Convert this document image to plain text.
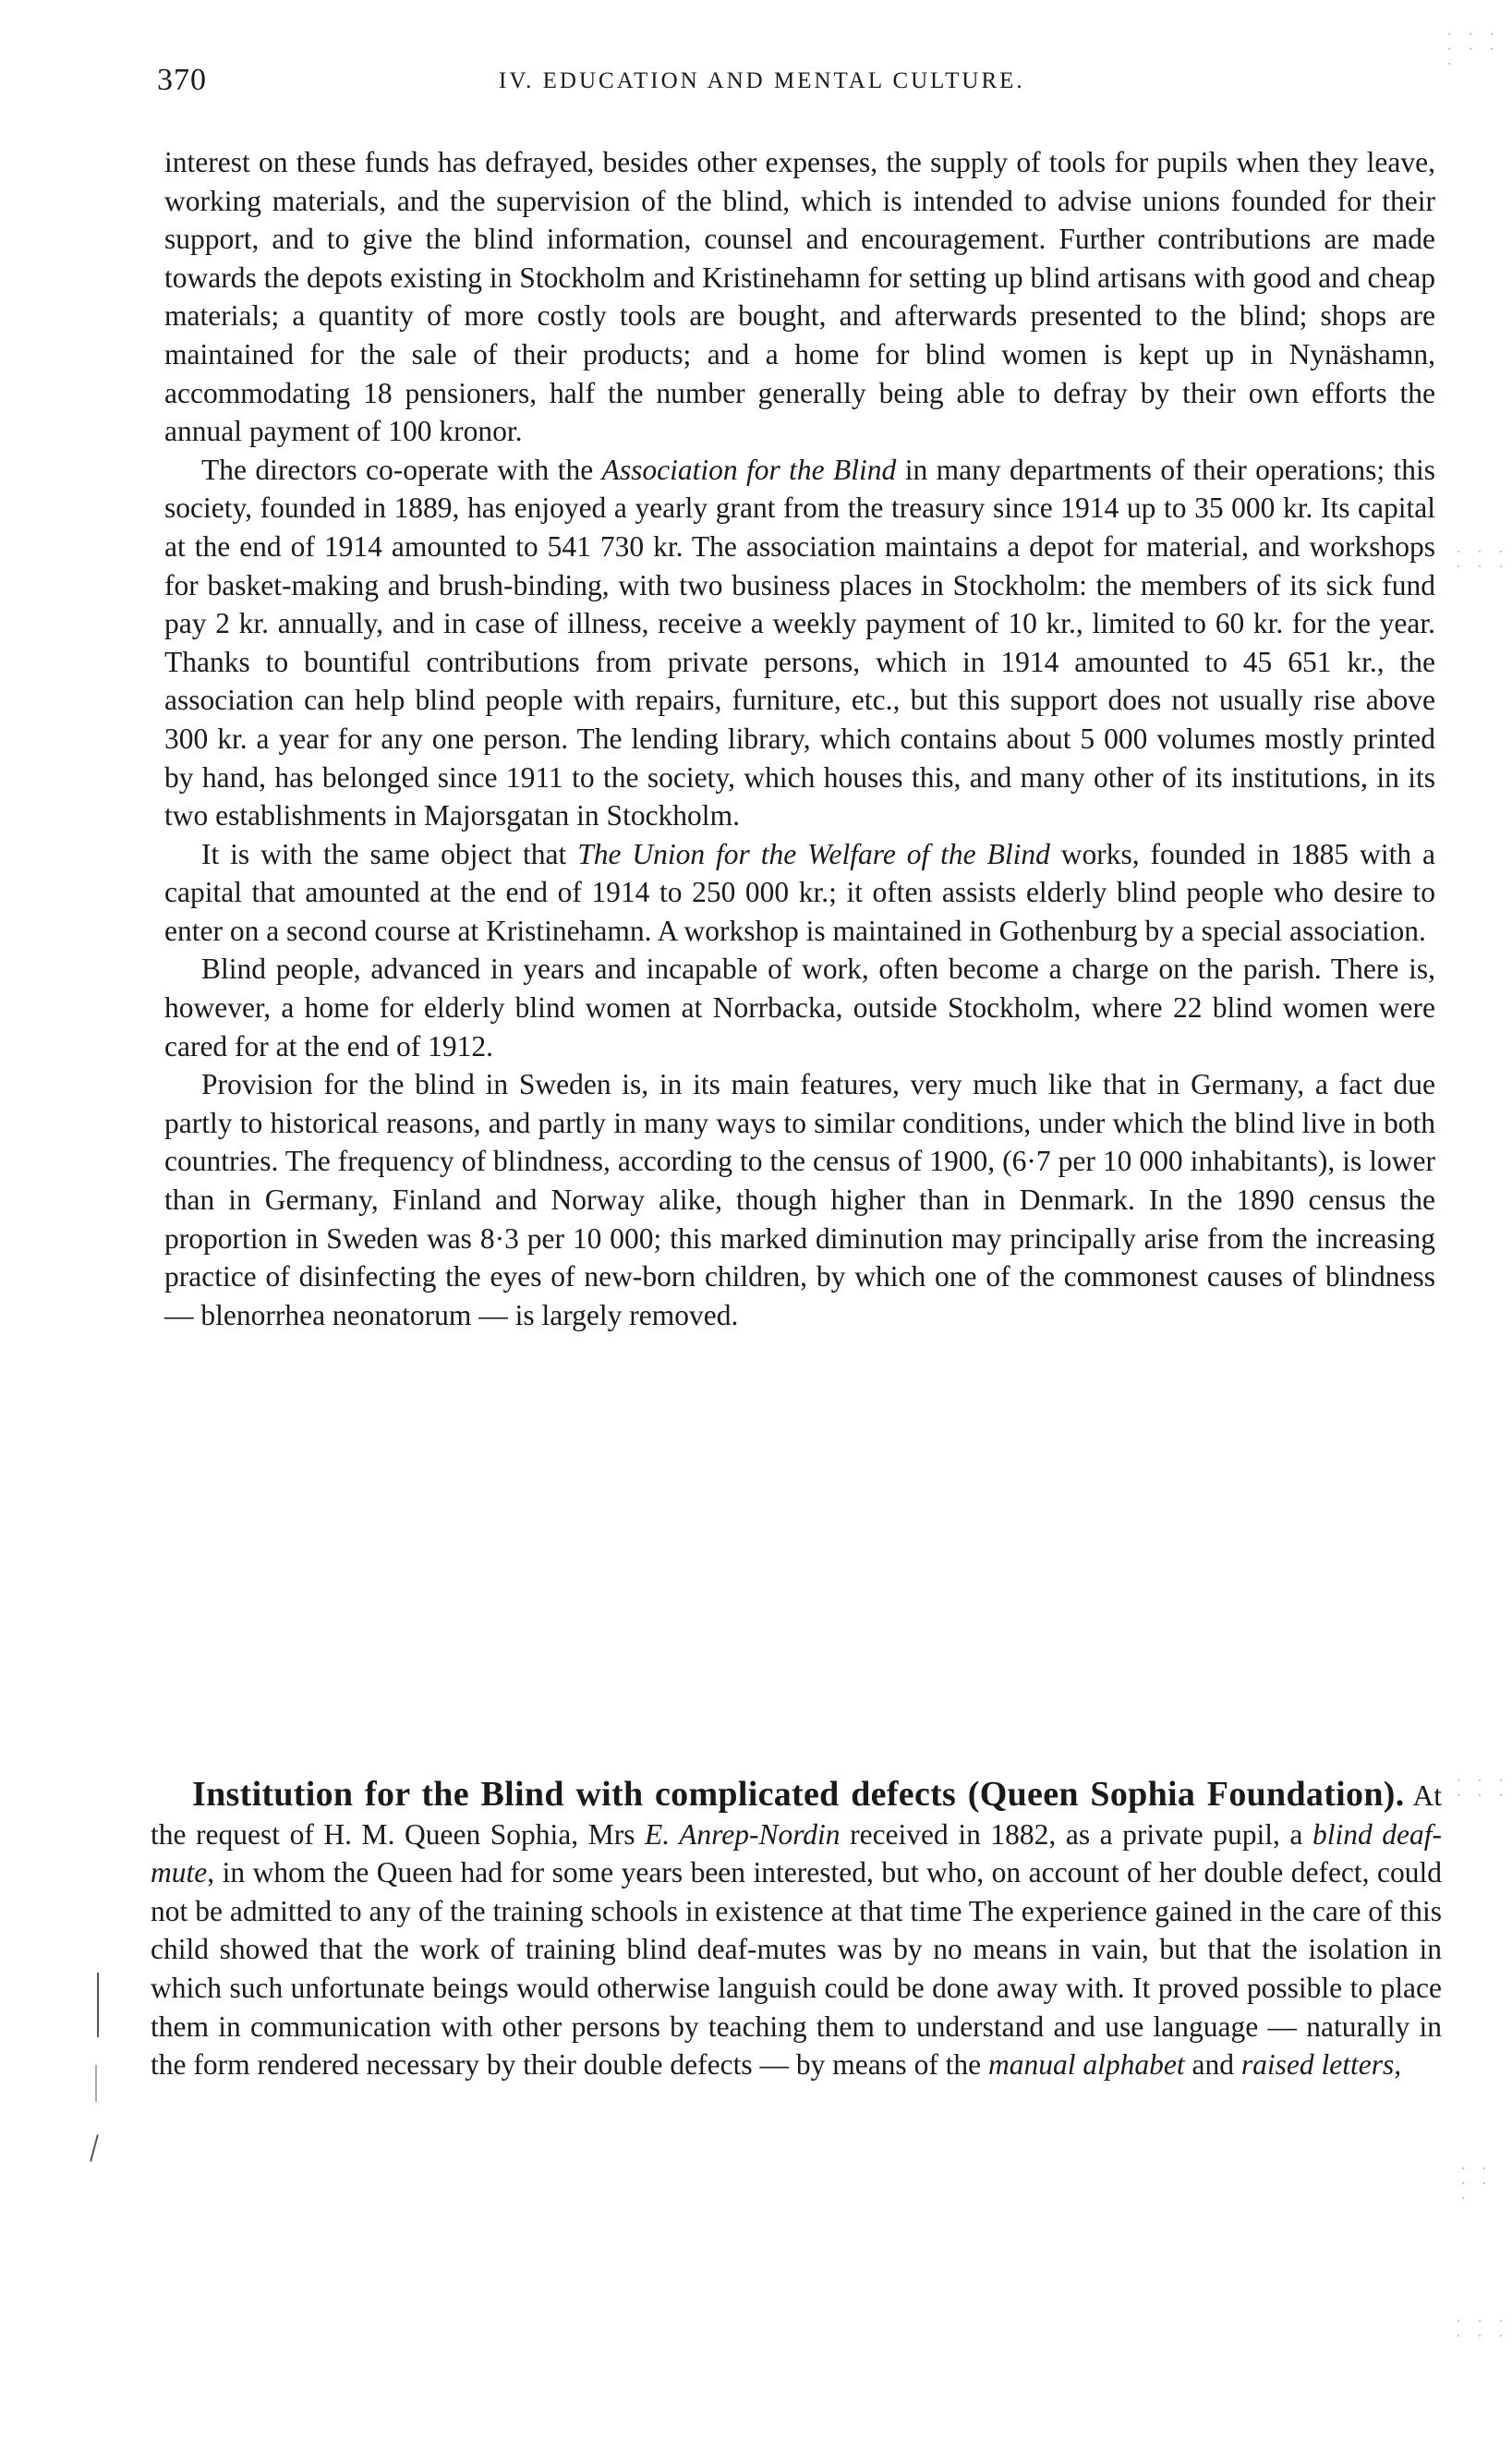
370	IV. EDUCATION AND MENTAL CULTURE.

interest on these funds has defrayed, besides other expenses, the supply of tools for pupils when they leave, working materials, and the supervision of the blind, which is intended to advise unions founded for their support, and to give the blind information, counsel and encouragement. Further contributions are made towards the depots existing in Stockholm and Kristinehamn for setting up blind artisans with good and cheap materials; a quantity of more costly tools are bought, and afterwards presented to the blind; shops are maintained for the sale of their products; and a home for blind women is kept up in Nynäshamn, accommodating 18 pensioners, half the number generally being able to defray by their own efforts the annual payment of 100 kronor.

The directors co-operate with the Association for the Blind in many departments of their operations; this society, founded in 1889, has enjoyed a yearly grant from the treasury since 1914 up to 35 000 kr. Its capital at the end of 1914 amounted to 541 730 kr. The association maintains a depot for material, and workshops for basket-making and brush-binding, with two business places in Stockholm: the members of its sick fund pay 2 kr. annually, and in case of illness, receive a weekly payment of 10 kr., limited to 60 kr. for the year. Thanks to bountiful contributions from private persons, which in 1914 amounted to 45 651 kr., the association can help blind people with repairs, furniture, etc., but this support does not usually rise above 300 kr. a year for any one person. The lending library, which contains about 5 000 volumes mostly printed by hand, has belonged since 1911 to the society, which houses this, and many other of its institutions, in its two establishments in Majorsgatan in Stockholm.

It is with the same object that The Union for the Welfare of the Blind works, founded in 1885 with a capital that amounted at the end of 1914 to 250 000 kr.; it often assists elderly blind people who desire to enter on a second course at Kristinehamn. A workshop is maintained in Gothenburg by a special association.

Blind people, advanced in years and incapable of work, often become a charge on the parish. There is, however, a home for elderly blind women at Norrbacka, outside Stockholm, where 22 blind women were cared for at the end of 1912.

Provision for the blind in Sweden is, in its main features, very much like that in Germany, a fact due partly to historical reasons, and partly in many ways to similar conditions, under which the blind live in both countries. The frequency of blindness, according to the census of 1900, (6·7 per 10 000 inhabitants), is lower than in Germany, Finland and Norway alike, though higher than in Denmark. In the 1890 census the proportion in Sweden was 8·3 per 10 000; this marked diminution may principally arise from the increasing practice of disinfecting the eyes of new-born children, by which one of the commonest causes of blindness — blenorrhea neonatorum — is largely removed.

Institution for the Blind with complicated defects (Queen Sophia Foundation). At the request of H. M. Queen Sophia, Mrs E. Anrep-Nordin received in 1882, as a private pupil, a blind deaf-mute, in whom the Queen had for some years been interested, but who, on account of her double defect, could not be admitted to any of the training schools in existence at that time The experience gained in the care of this child showed that the work of training blind deaf-mutes was by no means in vain, but that the isolation in which such unfortunate beings would otherwise languish could be done away with. It proved possible to place them in communication with other persons by teaching them to understand and use language — naturally in the form rendered necessary by their double defects — by means of the manual alphabet and raised letters,

· · · · · · ·
· · · · · ·
· · · · · ·
· · · · ·
· · · · · ·
